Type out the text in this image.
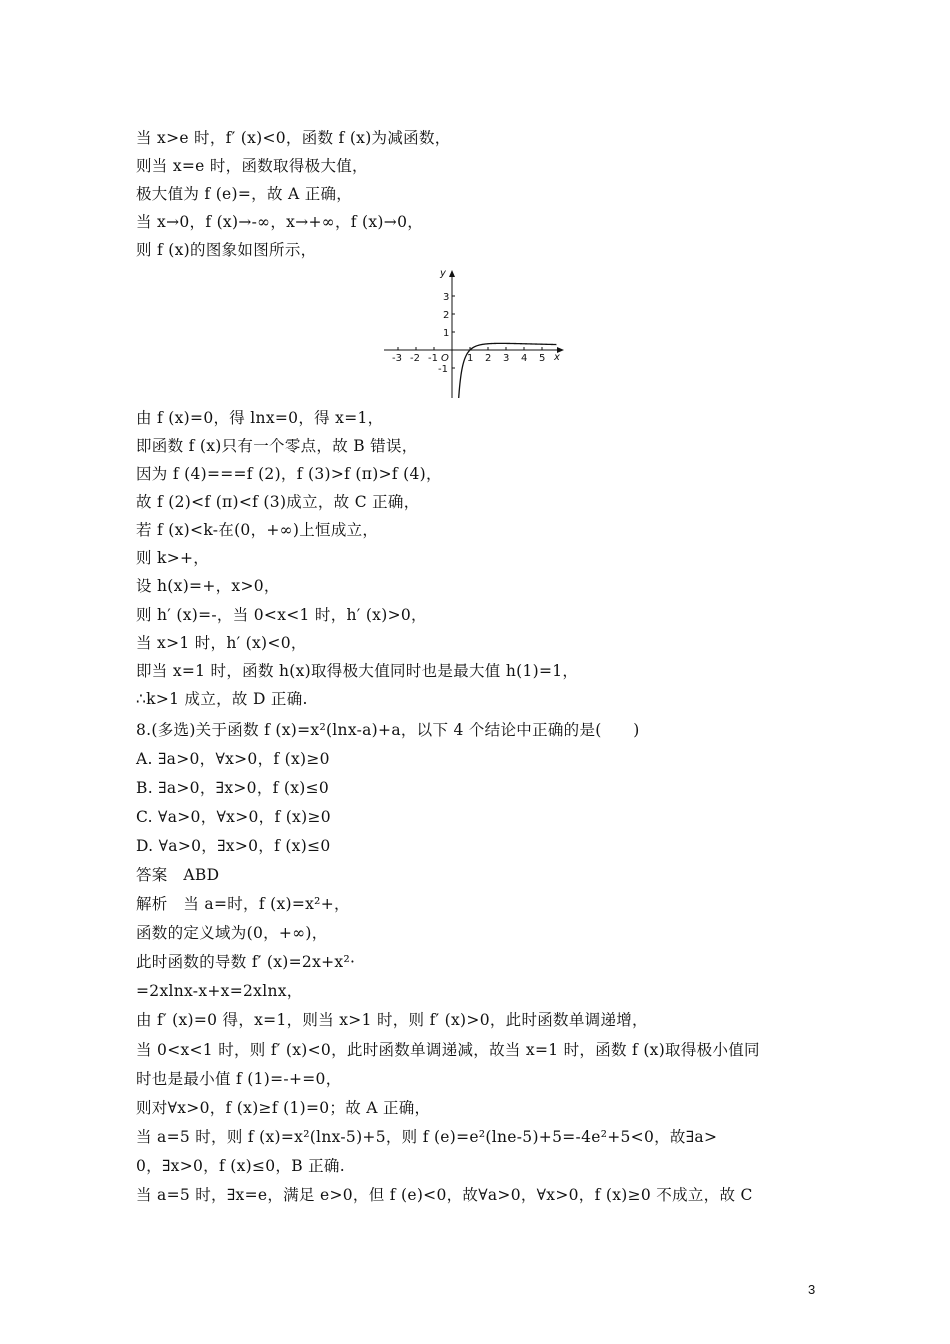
当 x>e 时，f′ (x)<0，函数 f (x)为减函数，
则当 x=e 时，函数取得极大值，
极大值为 f (e)=，故 A 正确，
当 x→0，f (x)→-∞，x→+∞，f (x)→0，
则 f (x)的图象如图所示，
由 f (x)=0，得 lnx=0，得 x=1，
即函数 f (x)只有一个零点，故 B 错误，
因为 f (4)===f (2)，f (3)>f (π)>f (4)，
故 f (2)<f (π)<f (3)成立，故 C 正确，
若 f (x)<k-在(0，+∞)上恒成立，
则 k>+，
设 h(x)=+，x>0，
则 h′ (x)=-，当 0<x<1 时，h′ (x)>0，
当 x>1 时，h′ (x)<0，
即当 x=1 时，函数 h(x)取得极大值同时也是最大值 h(1)=1，
∴k>1 成立，故 D 正确.
8.(多选)关于函数 f (x)=x²(lnx-a)+a，以下 4 个结论中正确的是(　　)
A. ∃a>0，∀x>0，f (x)≥0
B. ∃a>0，∃x>0，f (x)≤0
C. ∀a>0，∀x>0，f (x)≥0
D. ∀a>0，∃x>0，f (x)≤0
答案　ABD
解析　当 a=时，f (x)=x²+，
函数的定义域为(0，+∞)，
此时函数的导数 f′ (x)=2x+x²·
=2xlnx-x+x=2xlnx，
由 f′ (x)=0 得，x=1，则当 x>1 时，则 f′ (x)>0，此时函数单调递增，
当 0<x<1 时，则 f′ (x)<0，此时函数单调递减，故当 x=1 时，函数 f (x)取得极小值同
时也是最小值 f (1)=-+=0，
则对∀x>0，f (x)≥f (1)=0；故 A 正确，
当 a=5 时，则 f (x)=x²(lnx-5)+5，则 f (e)=e²(lne-5)+5=-4e²+5<0，故∃a>
0，∃x>0，f (x)≤0，B 正确.
当 a=5 时，∃x=e，满足 e>0，但 f (e)<0，故∀a>0，∀x>0，f (x)≥0 不成立，故 C
y
x
O
-3 -2 -1	1 2 3 4 5
3
2
1
-1
3
